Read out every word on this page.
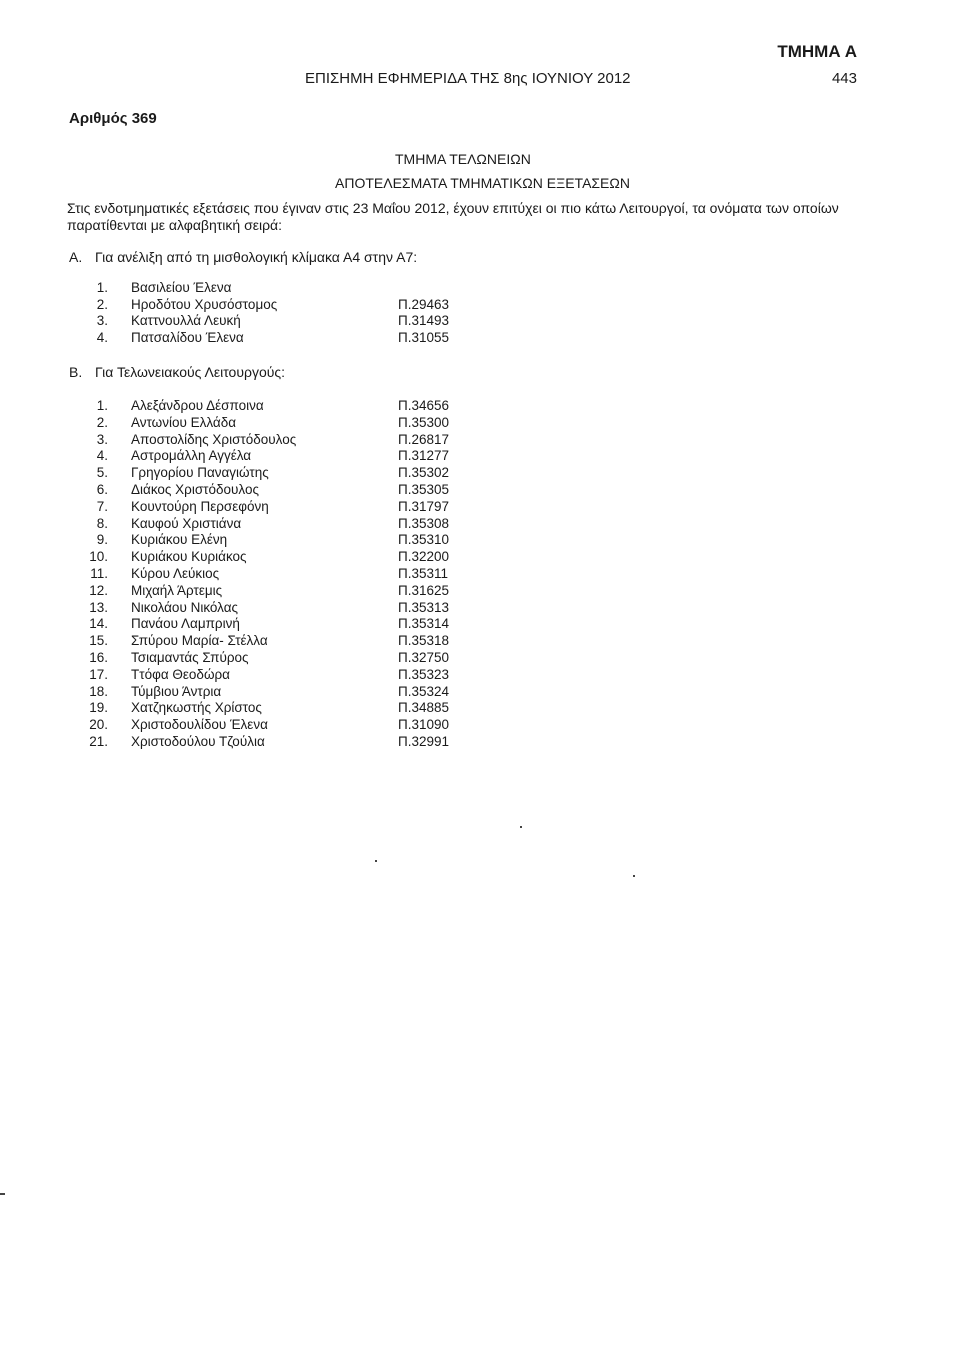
ΤΜΗΜΑ Α
ΕΠΙΣΗΜΗ ΕΦΗΜΕΡΙΔΑ ΤΗΣ 8ης ΙΟΥΝΙΟΥ 2012	443
Αριθμός 369
ΤΜΗΜΑ ΤΕΛΩΝΕΙΩΝ
ΑΠΟΤΕΛΕΣΜΑΤΑ ΤΜΗΜΑΤΙΚΩΝ ΕΞΕΤΑΣΕΩΝ
Στις ενδοτμηματικές εξετάσεις που έγιναν στις 23 Μαΐου 2012, έχουν επιτύχει οι πιο κάτω Λειτουργοί, τα ονόματα των οποίων παρατίθενται με αλφαβητική σειρά:
Α. Για ανέλιξη από τη μισθολογική κλίμακα Α4 στην Α7:
1. Βασιλείου Έλενα
2. Ηροδότου Χρυσόστομος	Π.29463
3. Καττνουλλά Λευκή	Π.31493
4. Πατσαλίδου Έλενα	Π.31055
Β. Για Τελωνειακούς Λειτουργούς:
1. Αλεξάνδρου Δέσποινα	Π.34656
2. Αντωνίου Ελλάδα	Π.35300
3. Αποστολίδης Χριστόδουλος	Π.26817
4. Αστρομάλλη Αγγέλα	Π.31277
5. Γρηγορίου Παναγιώτης	Π.35302
6. Διάκος Χριστόδουλος	Π.35305
7. Κουντούρη Περσεφόνη	Π.31797
8. Καυφού Χριστιάνα	Π.35308
9. Κυριάκου Ελένη	Π.35310
10. Κυριάκου Κυριάκος	Π.32200
11. Κύρου Λεύκιος	Π.35311
12. Μιχαήλ Άρτεμις	Π.31625
13. Νικολάου Νικόλας	Π.35313
14. Πανάου Λαμπρινή	Π.35314
15. Σπύρου Μαρία- Στέλλα	Π.35318
16. Τσιαμαντάς Σπύρος	Π.32750
17. Ττόφα Θεοδώρα	Π.35323
18. Τύμβιου Άντρια	Π.35324
19. Χατζηκωστής Χρίστος	Π.34885
20. Χριστοδουλίδου Έλενα	Π.31090
21. Χριστοδούλου Τζούλια	Π.32991
